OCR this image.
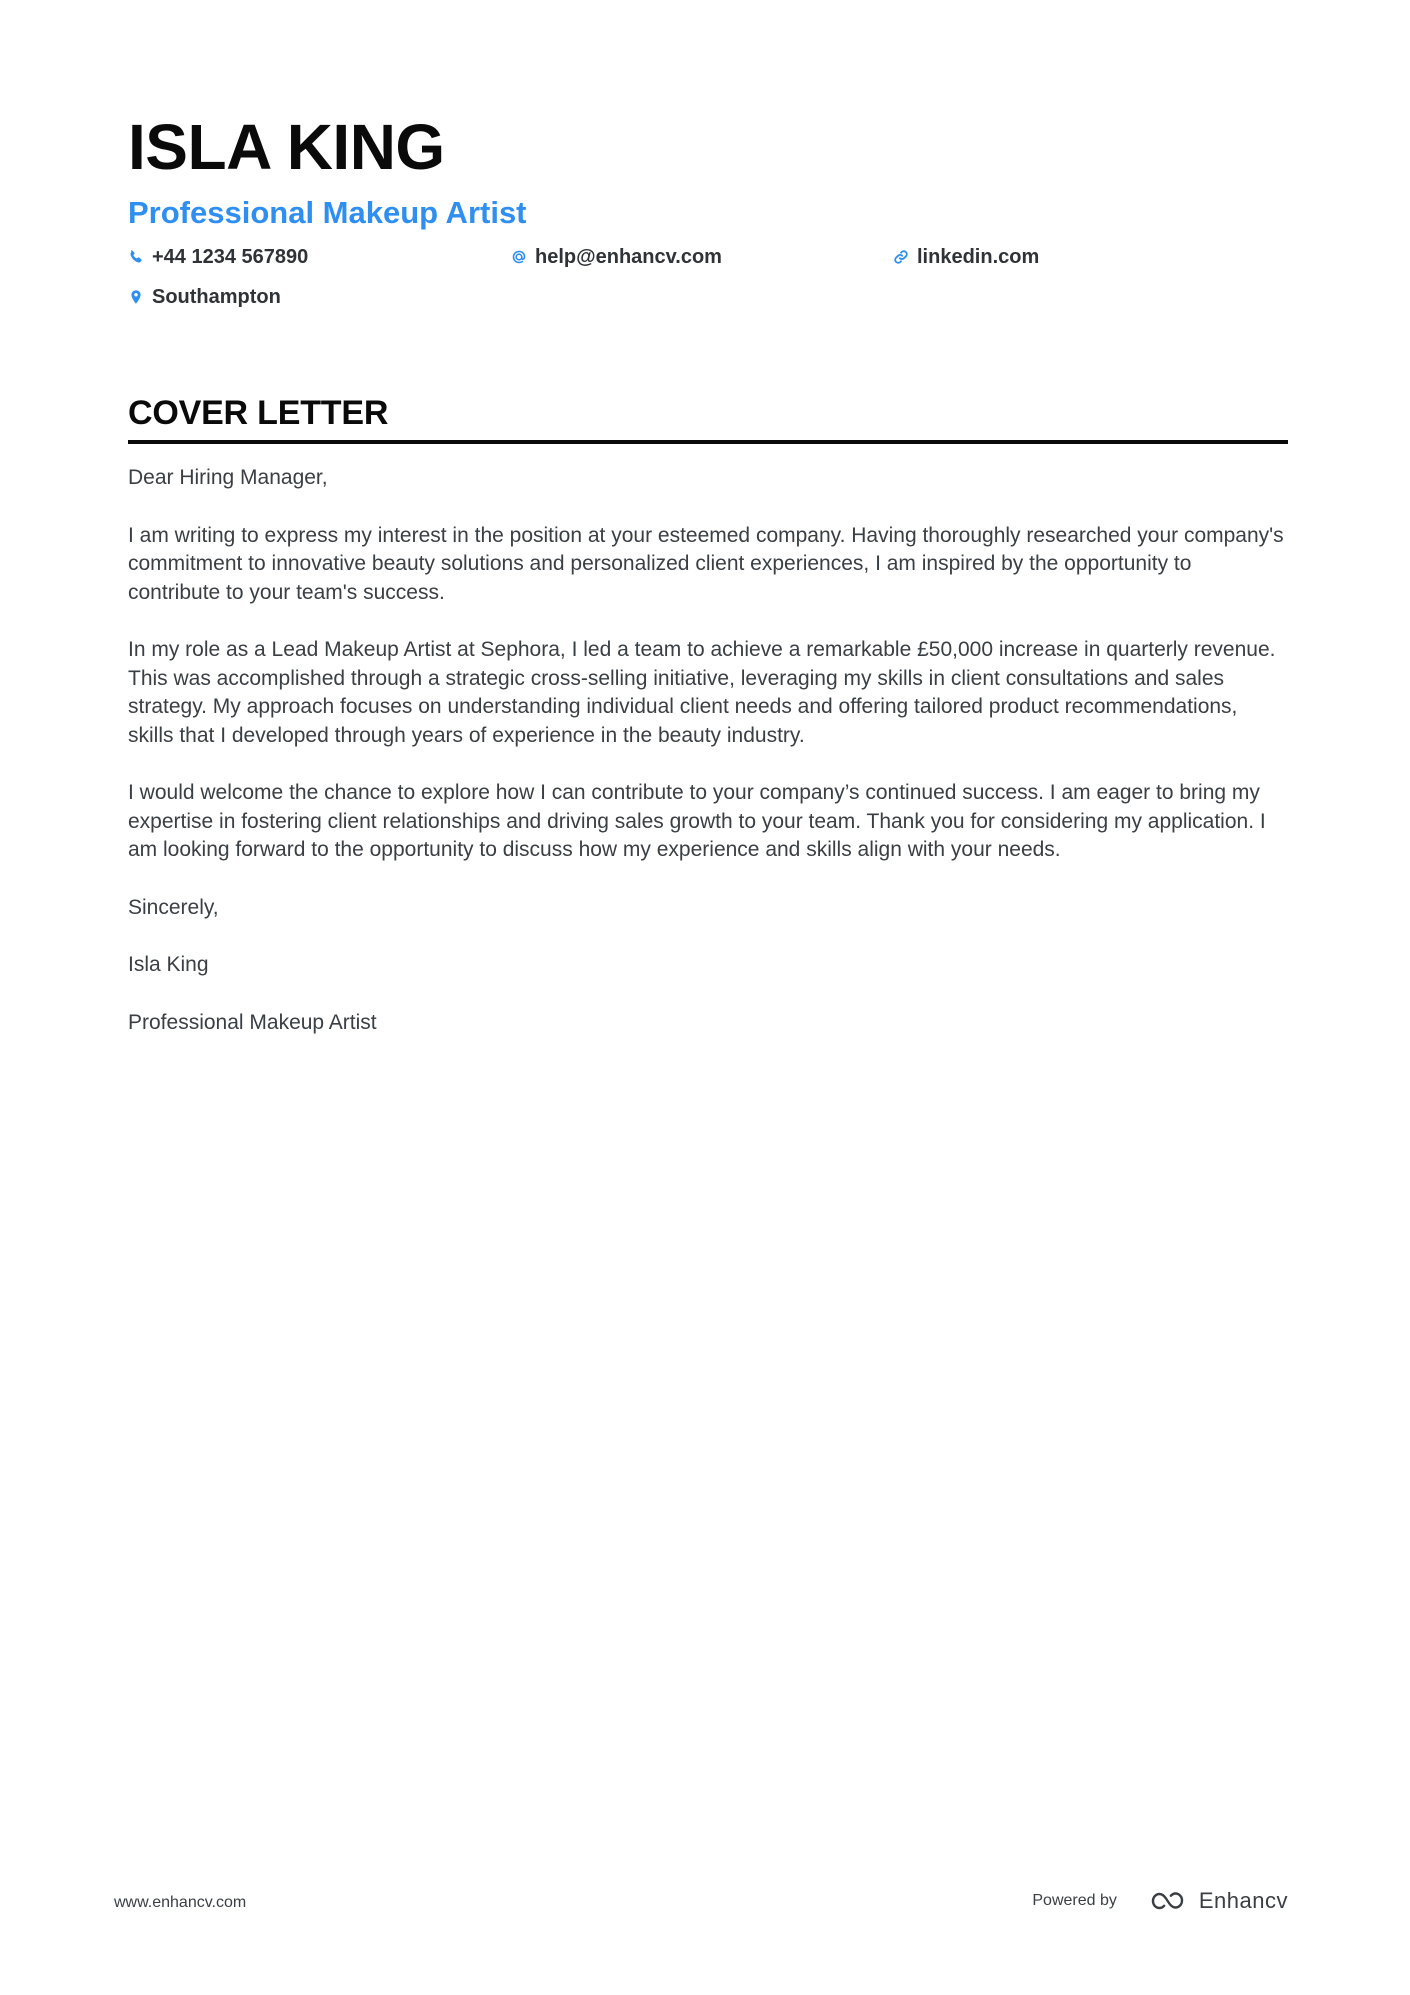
ISLA KING
Professional Makeup Artist
+44 1234 567890	help@enhancv.com	linkedin.com
Southampton
COVER LETTER

Dear Hiring Manager,

I am writing to express my interest in the position at your esteemed company. Having thoroughly researched your company's commitment to innovative beauty solutions and personalized client experiences, I am inspired by the opportunity to contribute to your team's success.

In my role as a Lead Makeup Artist at Sephora, I led a team to achieve a remarkable £50,000 increase in quarterly revenue. This was accomplished through a strategic cross-selling initiative, leveraging my skills in client consultations and sales strategy. My approach focuses on understanding individual client needs and offering tailored product recommendations, skills that I developed through years of experience in the beauty industry.

I would welcome the chance to explore how I can contribute to your company’s continued success. I am eager to bring my expertise in fostering client relationships and driving sales growth to your team. Thank you for considering my application. I am looking forward to the opportunity to discuss how my experience and skills align with your needs.

Sincerely,

Isla King

Professional Makeup Artist

www.enhancv.com	Powered by	Enhancv
